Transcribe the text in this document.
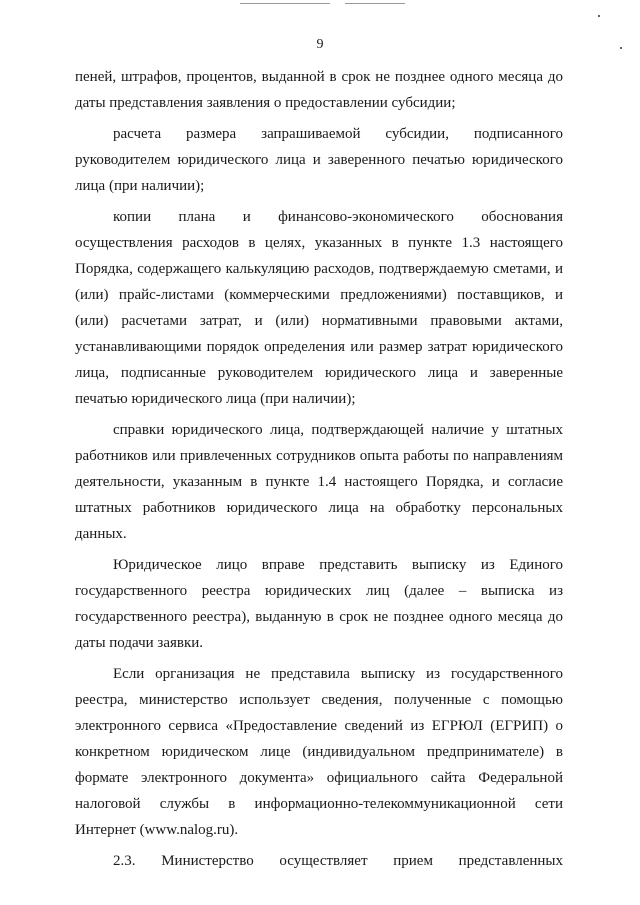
9

пеней, штрафов, процентов, выданной в срок не позднее одного месяца до даты представления заявления о предоставлении субсидии;

расчета размера запрашиваемой субсидии, подписанного руководителем юридического лица и заверенного печатью юридического лица (при наличии);

копии плана и финансово-экономического обоснования осуществления расходов в целях, указанных в пункте 1.3 настоящего Порядка, содержащего калькуляцию расходов, подтверждаемую сметами, и (или) прайс-листами (коммерческими предложениями) поставщиков, и (или) расчетами затрат, и (или) нормативными правовыми актами, устанавливающими порядок определения или размер затрат юридического лица, подписанные руководителем юридического лица и заверенные печатью юридического лица (при наличии);

справки юридического лица, подтверждающей наличие у штатных работников или привлеченных сотрудников опыта работы по направлениям деятельности, указанным в пункте 1.4 настоящего Порядка, и согласие штатных работников юридического лица на обработку персональных данных.

Юридическое лицо вправе представить выписку из Единого государственного реестра юридических лиц (далее – выписка из государственного реестра), выданную в срок не позднее одного месяца до даты подачи заявки.

Если организация не представила выписку из государственного реестра, министерство использует сведения, полученные с помощью электронного сервиса «Предоставление сведений из ЕГРЮЛ (ЕГРИП) о конкретном юридическом лице (индивидуальном предпринимателе) в формате электронного документа» официального сайта Федеральной налоговой службы в информационно-телекоммуникационной сети Интернет (www.nalog.ru).

2.3. Министерство осуществляет прием представленных
